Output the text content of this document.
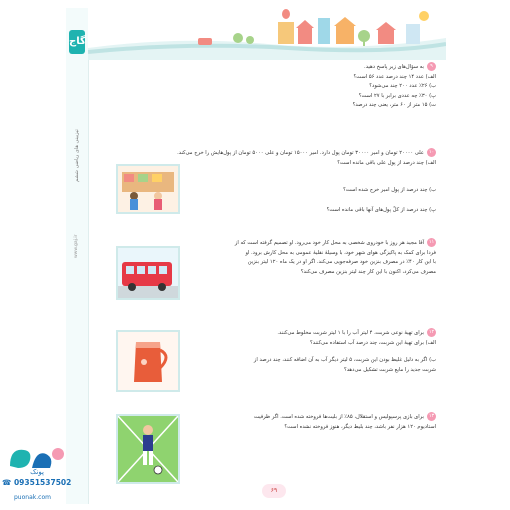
گاج
تیزبینی های ریاضی ششم
www.gaj.ir
۹به سؤال‌های زیر پاسخ دهید.
الف) عدد ۱۴ چند درصد عدد ۵۶ است؟
ب) ۲۶٪ عدد ۲۰۰ چند می‌شود؟
پ) ۳۰٪ چه عددی برابر با ۲۷ است؟
ت) ۱۵ متر از ۶۰ متر، یعنی چند درصد؟
۱۰علی ۲۰۰۰۰ تومان و امیر ۳۰۰۰۰ تومان پول دارد. امیر ۱۵۰۰۰ تومان و علی ۵۰۰۰ تومان از پول‌هایش را خرج می‌کند.
الف) چند درصد از پول علی باقی مانده است؟
ب) چند درصد از پول امیر خرج شده است؟
پ) چند درصد از کلّ پول‌های آنها باقی مانده است؟
۱۱آقا مجید هر روز با خودروی شخصی به محل کار خود می‌رود. او تصمیم گرفته است که از
فردا برای کمک به پاکیزگی هوای شهر خود، با وسیلهٔ نقلیهٔ عمومی به محل کارش برود. او
با این کار ۴۰٪ در مصرف بنزین خود صرفه‌جویی می‌کند. اگر او در یک ماه ۱۲۰ لیتر بنزین
مصرف می‌کرد، اکنون با این کار چند لیتر بنزین مصرف می‌کند؟
۱۲برای تهیهٔ نوعی شربت، ۴ لیتر آب را با ۱ لیتر شربت مخلوط می‌کنند.
الف) برای تهیهٔ این شربت، چند درصد آب استفاده می‌کنند؟
ب) اگر به دلیل غلیظ بودن این شربت، ۵ لیتر دیگر آب به آن اضافه کنند، چند درصد از
شربت جدید را مایع شربت تشکیل می‌دهد؟
۱۳برای بازی پرسپولیس و استقلال، ۸۵٪ از بلیت‌ها فروخته شده است. اگر ظرفیت
استادیوم ۱۲۰ هزار نفر باشد، چند بلیط دیگر، هنوز فروخته نشده است؟
۶۹
پونک
☎ 09351537502
puonak.com
